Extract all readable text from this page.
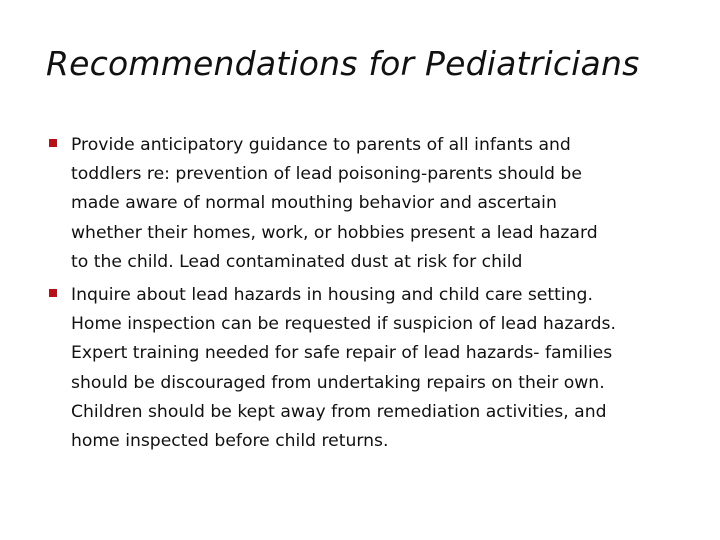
Recommendations for Pediatricians
Provide anticipatory guidance to parents of all infants and
toddlers re: prevention of lead poisoning-parents should be
made aware of normal mouthing behavior and ascertain
whether their homes, work, or hobbies present a lead hazard
to the child. Lead contaminated dust at risk for child
Inquire about lead hazards in housing and child care setting.
Home inspection can be requested if suspicion of lead hazards.
Expert training needed for safe repair of lead hazards- families
should be discouraged from undertaking repairs on their own.
Children should be kept away from remediation activities, and
home inspected before child returns.
